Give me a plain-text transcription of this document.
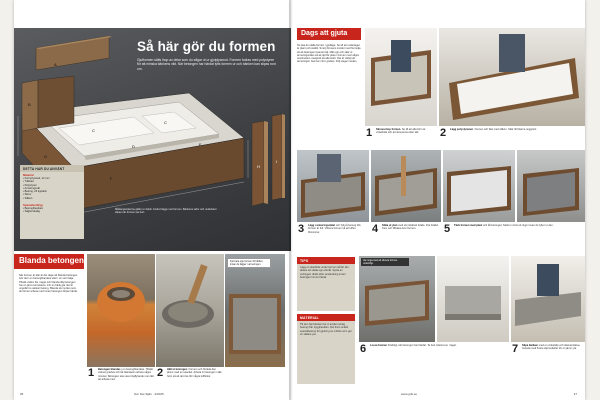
A
B
C
C
D	E
F
G
H
I
Så här gör du formen
Gjutformen sätts ihop av delar som du sågar ut ur gjutplywood. Formen fodras med polystyren för att minska bänkens vikt. När betongen har härdat lyfts formen ur och bänken kan slipas runt om.
DETTA HAR DU ANVÄNT
Material
• Formplywood, 12 mm
• Trälister
• Polystyren
• Armeringsnät
• Betong, 25 kg/säck
• Skruv
• Silikon
Specialverktyg
• Betongblandare
• Sågbordssåg
Måttangivelserna gäller en bänk. Fodret läggs mot formen. Bänkens sidor och underkant slipas när formen tas bort.
Blanda betongen
När formen är klar är det dags att blanda betongen. Gör det i en betongblandare eller i en stor balja. Tillsätt vatten lite i taget och blanda tills betongen har en jämn konsistens. För en bänk går det åt ungefär tre säckar betong. Blanda så mycket som du hinner arbeta med innan betongen börjar härda.
Fyll bara upp formen till hälften innan du lägger i armeringen.
1 Betongen blandas i en betongblandare. Tillsätt vattnet gradvis och låt blandaren arbeta några minuter. Betongen ska vara trögflytande men lätt att arbeta med.
2 Häll ut betongen i formen och fördela den jämnt med en spackel. Arbeta in betongen i alla hörn så att det inte blir några luftfickor.
36	Gör Det Själv · 2/2025
Dags att gjuta
Nu ska du ställa formen i gjutläge. Se till att underlaget är plant och stabilt. Smörj formens insidor med formolja så att betongen lossnar lätt. Mät upp och skär ut armeringsnätet så att det får plats i formen med några centimeters marginal på alla sidor. Det är viktigt att armeringen hamnar mitt i godset. Följ stegen nedan.
1 Skruva ihop formen. Se till att alla hörn är vinkelräta och att skruvarna sitter tätt.	2 Lägg polystyrenen i formen och fäst med silikon. Skär till bitarna noggrant.
3 Lägg i armeringsnätet och fyll på betong tills formen är full. Vibrera formen så att luften försvinner.	4 Släta ut ytan med ett rätskivat bräde. Dra brädet fram och tillbaka över formen.	5 Täck formen med plast och låt betongen härda i minst ett dygn innan du lyfter ur den.
TIPS
Lägg en plastfolie under formen så blir det lättare att städa upp efteråt. Spola av verktygen direkt efter användning innan betongen hinner härda.
MATERIAL
Till den här bänken har vi använt vanlig betong från bygghandeln. Det finns också specialbetong för gjutning av möbler som ger en slätare yta.
Var noga med att vibrera formen ordentligt.
6 Lossa formen försiktigt när betongen har härdat. Ta bort sidorna en i taget.	7 Slipa bänken med en vinkelslip och diamantskiva. Avsluta med finare sliprondeller för en jämn yta.
www.gds.se	37
